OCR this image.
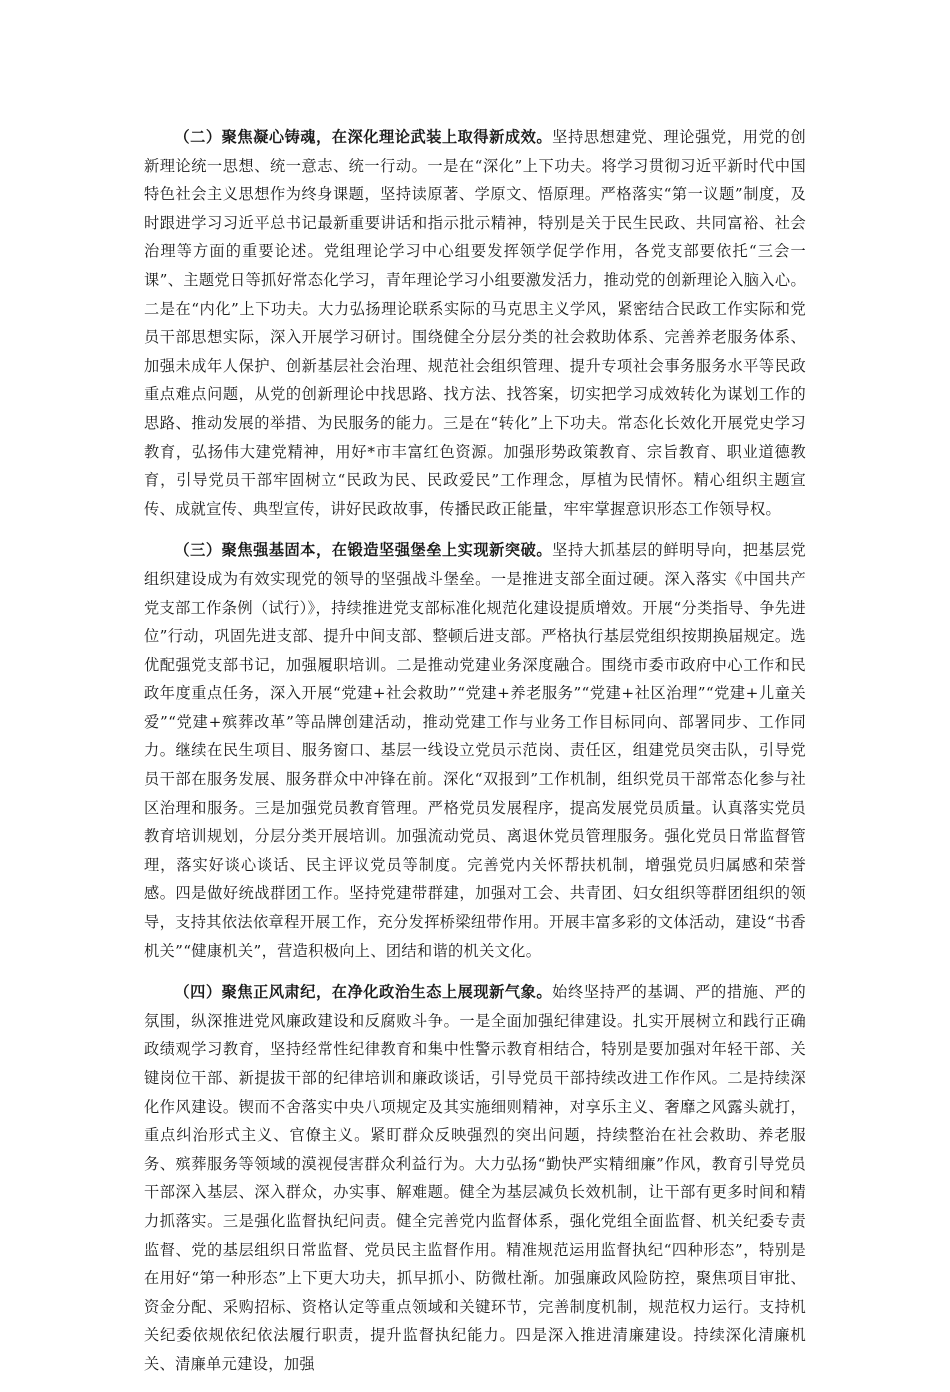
（二）聚焦凝心铸魂，在深化理论武装上取得新成效。坚持思想建党、理论强党，用党的创新理论统一思想、统一意志、统一行动。一是在“深化”上下功夫。将学习贯彻习近平新时代中国特色社会主义思想作为终身课题，坚持读原著、学原文、悟原理。严格落实“第一议题”制度，及时跟进学习习近平总书记最新重要讲话和指示批示精神，特别是关于民生民政、共同富裕、社会治理等方面的重要论述。党组理论学习中心组要发挥领学促学作用，各党支部要依托“三会一课”、主题党日等抓好常态化学习，青年理论学习小组要激发活力，推动党的创新理论入脑入心。二是在“内化”上下功夫。大力弘扬理论联系实际的马克思主义学风，紧密结合民政工作实际和党员干部思想实际，深入开展学习研讨。围绕健全分层分类的社会救助体系、完善养老服务体系、加强未成年人保护、创新基层社会治理、规范社会组织管理、提升专项社会事务服务水平等民政重点难点问题，从党的创新理论中找思路、找方法、找答案，切实把学习成效转化为谋划工作的思路、推动发展的举措、为民服务的能力。三是在“转化”上下功夫。常态化长效化开展党史学习教育，弘扬伟大建党精神，用好*市丰富红色资源。加强形势政策教育、宗旨教育、职业道德教育，引导党员干部牢固树立“民政为民、民政爱民”工作理念，厚植为民情怀。精心组织主题宣传、成就宣传、典型宣传，讲好民政故事，传播民政正能量，牢牢掌握意识形态工作领导权。

（三）聚焦强基固本，在锻造坚强堡垒上实现新突破。坚持大抓基层的鲜明导向，把基层党组织建设成为有效实现党的领导的坚强战斗堡垒。一是推进支部全面过硬。深入落实《中国共产党支部工作条例（试行）》，持续推进党支部标准化规范化建设提质增效。开展“分类指导、争先进位”行动，巩固先进支部、提升中间支部、整顿后进支部。严格执行基层党组织按期换届规定。选优配强党支部书记，加强履职培训。二是推动党建业务深度融合。围绕市委市政府中心工作和民政年度重点任务，深入开展“党建+社会救助”“党建+养老服务”“党建+社区治理”“党建+儿童关爱”“党建+殡葬改革”等品牌创建活动，推动党建工作与业务工作目标同向、部署同步、工作同力。继续在民生项目、服务窗口、基层一线设立党员示范岗、责任区，组建党员突击队，引导党员干部在服务发展、服务群众中冲锋在前。深化“双报到”工作机制，组织党员干部常态化参与社区治理和服务。三是加强党员教育管理。严格党员发展程序，提高发展党员质量。认真落实党员教育培训规划，分层分类开展培训。加强流动党员、离退休党员管理服务。强化党员日常监督管理，落实好谈心谈话、民主评议党员等制度。完善党内关怀帮扶机制，增强党员归属感和荣誉感。四是做好统战群团工作。坚持党建带群建，加强对工会、共青团、妇女组织等群团组织的领导，支持其依法依章程开展工作，充分发挥桥梁纽带作用。开展丰富多彩的文体活动，建设“书香机关”“健康机关”，营造积极向上、团结和谐的机关文化。

（四）聚焦正风肃纪，在净化政治生态上展现新气象。始终坚持严的基调、严的措施、严的氛围，纵深推进党风廉政建设和反腐败斗争。一是全面加强纪律建设。扎实开展树立和践行正确政绩观学习教育，坚持经常性纪律教育和集中性警示教育相结合，特别是要加强对年轻干部、关键岗位干部、新提拔干部的纪律培训和廉政谈话，引导党员干部持续改进工作作风。二是持续深化作风建设。锲而不舍落实中央八项规定及其实施细则精神，对享乐主义、奢靡之风露头就打，重点纠治形式主义、官僚主义。紧盯群众反映强烈的突出问题，持续整治在社会救助、养老服务、殡葬服务等领域的漠视侵害群众利益行为。大力弘扬“勤快严实精细廉”作风，教育引导党员干部深入基层、深入群众，办实事、解难题。健全为基层减负长效机制，让干部有更多时间和精力抓落实。三是强化监督执纪问责。健全完善党内监督体系，强化党组全面监督、机关纪委专责监督、党的基层组织日常监督、党员民主监督作用。精准规范运用监督执纪“四种形态”，特别是在用好“第一种形态”上下更大功夫，抓早抓小、防微杜渐。加强廉政风险防控，聚焦项目审批、资金分配、采购招标、资格认定等重点领域和关键环节，完善制度机制，规范权力运行。支持机关纪委依规依纪依法履行职责，提升监督执纪能力。四是深入推进清廉建设。持续深化清廉机关、清廉单元建设，加强
